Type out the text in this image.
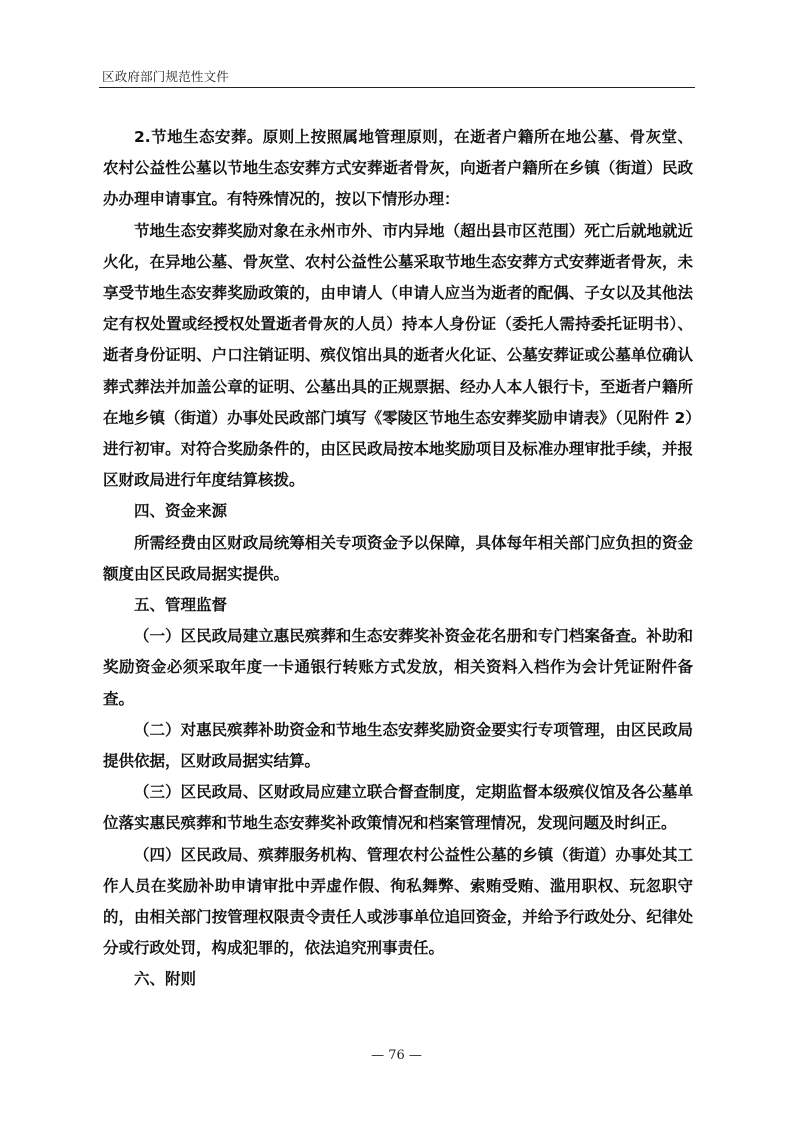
区政府部门规范性文件

2.节地生态安葬。原则上按照属地管理原则，在逝者户籍所在地公墓、骨灰堂、农村公益性公墓以节地生态安葬方式安葬逝者骨灰，向逝者户籍所在乡镇（街道）民政办办理申请事宜。有特殊情况的，按以下情形办理：

节地生态安葬奖励对象在永州市外、市内异地（超出县市区范围）死亡后就地就近火化，在异地公墓、骨灰堂、农村公益性公墓采取节地生态安葬方式安葬逝者骨灰，未享受节地生态安葬奖励政策的，由申请人（申请人应当为逝者的配偶、子女以及其他法定有权处置或经授权处置逝者骨灰的人员）持本人身份证（委托人需持委托证明书）、逝者身份证明、户口注销证明、殡仪馆出具的逝者火化证、公墓安葬证或公墓单位确认葬式葬法并加盖公章的证明、公墓出具的正规票据、经办人本人银行卡，至逝者户籍所在地乡镇（街道）办事处民政部门填写《零陵区节地生态安葬奖励申请表》（见附件 2）进行初审。对符合奖励条件的，由区民政局按本地奖励项目及标准办理审批手续，并报区财政局进行年度结算核拨。

四、资金来源

所需经费由区财政局统筹相关专项资金予以保障，具体每年相关部门应负担的资金额度由区民政局据实提供。

五、管理监督

（一）区民政局建立惠民殡葬和生态安葬奖补资金花名册和专门档案备查。补助和奖励资金必须采取年度一卡通银行转账方式发放，相关资料入档作为会计凭证附件备查。

（二）对惠民殡葬补助资金和节地生态安葬奖励资金要实行专项管理，由区民政局提供依据，区财政局据实结算。

（三）区民政局、区财政局应建立联合督查制度，定期监督本级殡仪馆及各公墓单位落实惠民殡葬和节地生态安葬奖补政策情况和档案管理情况，发现问题及时纠正。

（四）区民政局、殡葬服务机构、管理农村公益性公墓的乡镇（街道）办事处其工作人员在奖励补助申请审批中弄虚作假、徇私舞弊、索贿受贿、滥用职权、玩忽职守的，由相关部门按管理权限责令责任人或涉事单位追回资金，并给予行政处分、纪律处分或行政处罚，构成犯罪的，依法追究刑事责任。

六、附则

— 76 —
